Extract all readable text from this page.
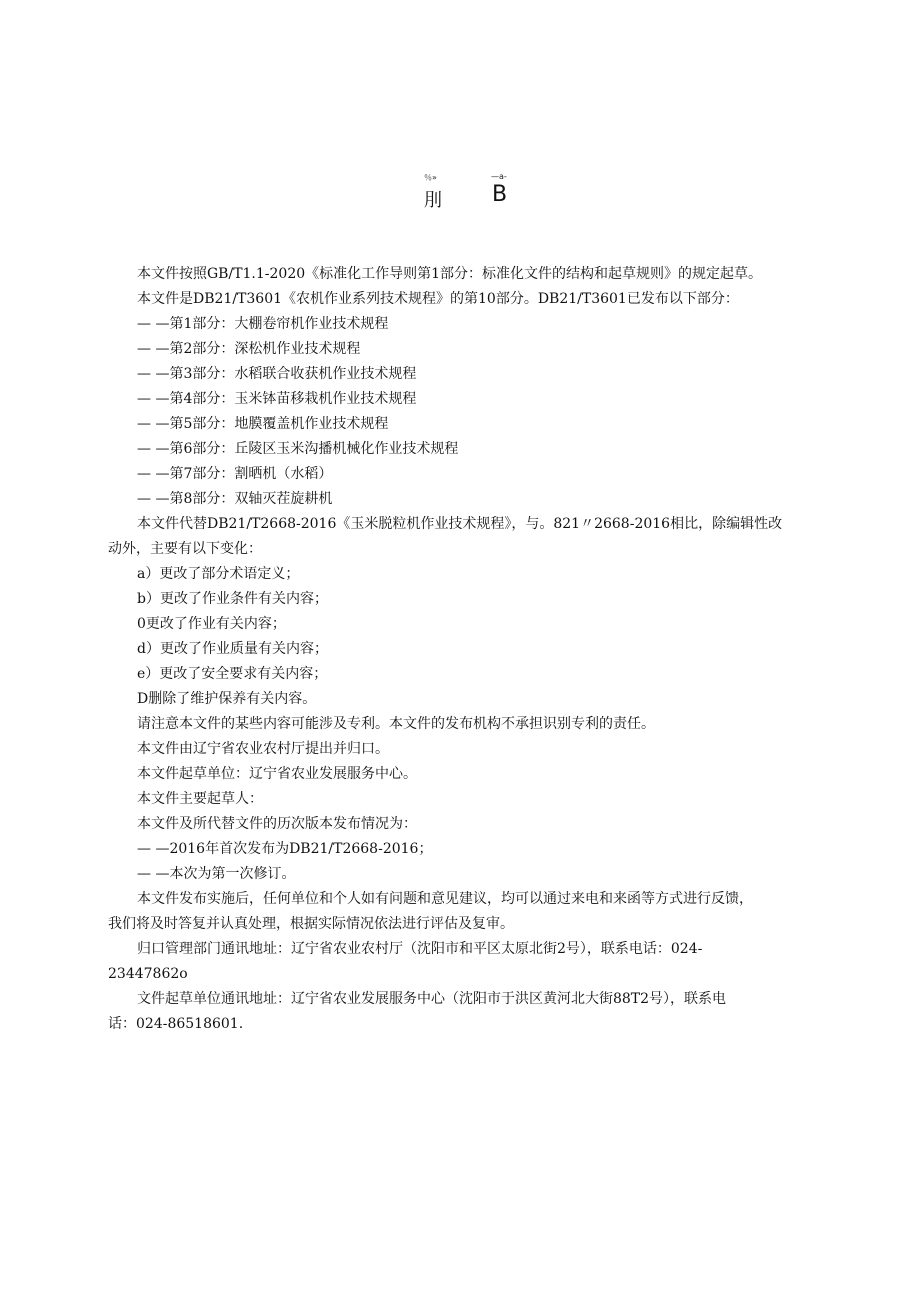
％»	—a-
刖 B

本文件按照GB/T1.1-2020《标准化工作导则第1部分：标准化文件的结构和起草规则》的规定起草。

本文件是DB21/T3601《农机作业系列技术规程》的第10部分。DB21/T3601已发布以下部分：

— —第1部分：大棚卷帘机作业技术规程

— —第2部分：深松机作业技术规程

— —第3部分：水稻联合收获机作业技术规程

— —第4部分：玉米钵苗移栽机作业技术规程

— —第5部分：地膜覆盖机作业技术规程

— —第6部分：丘陵区玉米沟播机械化作业技术规程

— —第7部分：割晒机（水稻）

— —第8部分：双轴灭茬旋耕机

本文件代替DB21/T2668-2016《玉米脱粒机作业技术规程》，与。821〃2668-2016相比，除编辑性改

动外，主要有以下变化：

a）更改了部分术语定义；

b）更改了作业条件有关内容；

0更改了作业有关内容；

d）更改了作业质量有关内容；

e）更改了安全要求有关内容；

D删除了维护保养有关内容。

请注意本文件的某些内容可能涉及专利。本文件的发布机构不承担识别专利的责任。

本文件由辽宁省农业农村厅提出并归口。

本文件起草单位：辽宁省农业发展服务中心。

本文件主要起草人：

本文件及所代替文件的历次版本发布情况为：

— —2016年首次发布为DB21/T2668-2016；

— —本次为第一次修订。

本文件发布实施后，任何单位和个人如有问题和意见建议，均可以通过来电和来函等方式进行反馈，

我们将及时答复并认真处理，根据实际情况依法进行评估及复审。

归口管理部门通讯地址：辽宁省农业农村厅（沈阳市和平区太原北街2号），联系电话：024-

23447862o

文件起草单位通讯地址：辽宁省农业发展服务中心（沈阳市于洪区黄河北大街88T2号），联系电

话：024-86518601.
